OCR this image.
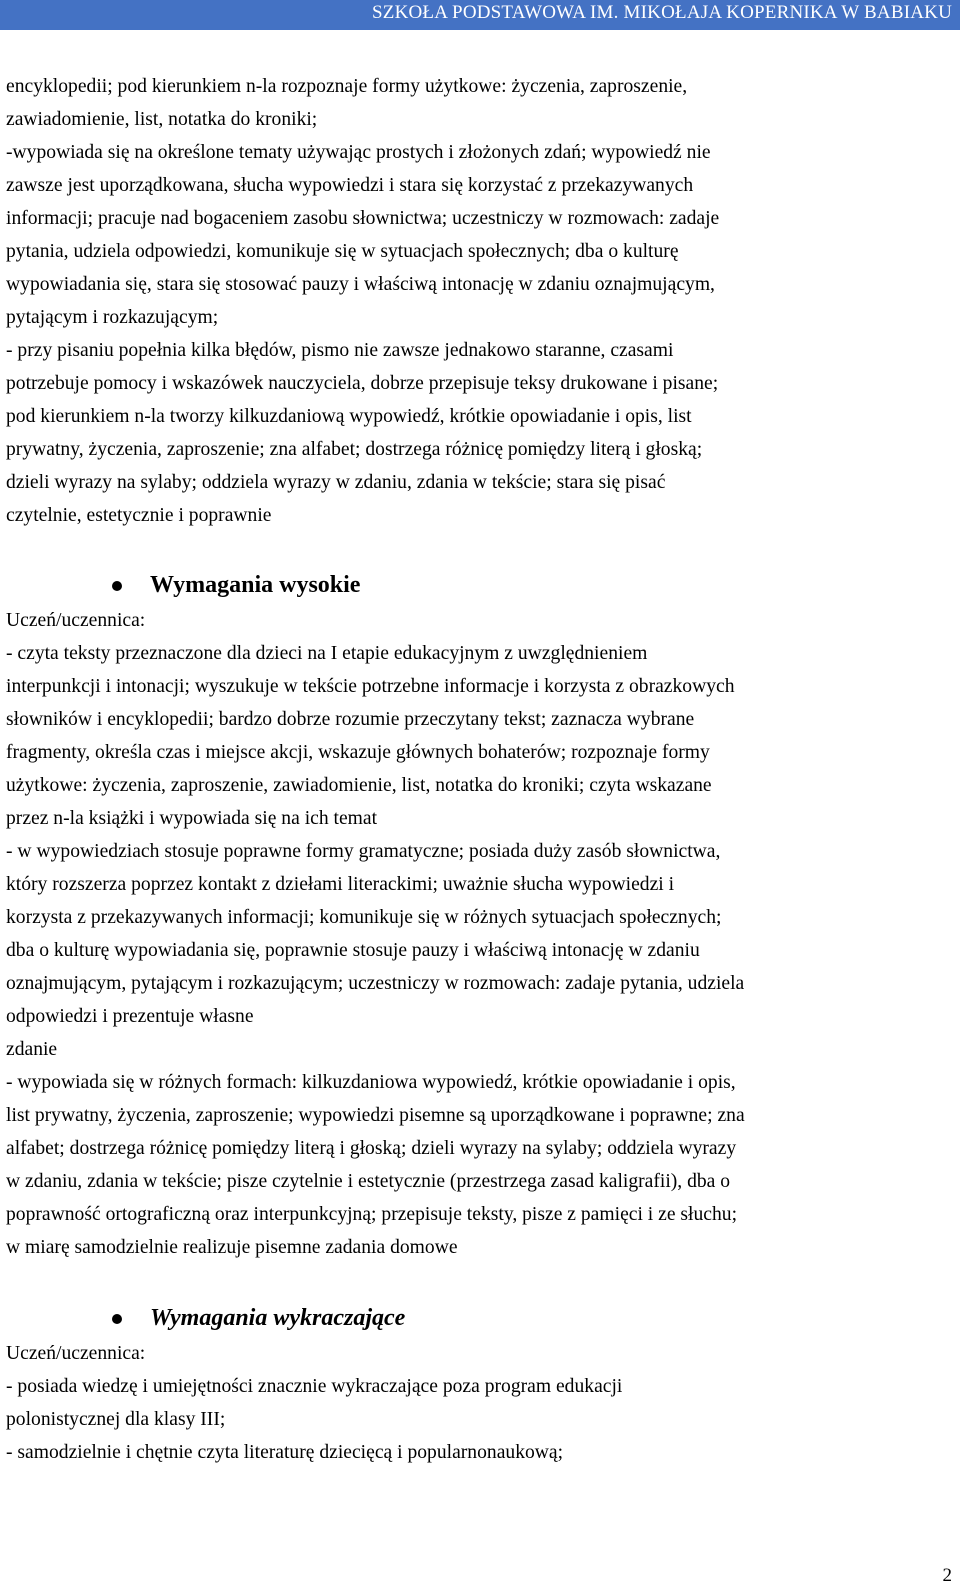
SZKOŁA PODSTAWOWA IM. MIKOŁAJA KOPERNIKA W BABIAKU
encyklopedii; pod kierunkiem n-la rozpoznaje formy użytkowe: życzenia, zaproszenie,
zawiadomienie, list, notatka do kroniki;
-wypowiada się na określone tematy używając prostych i złożonych zdań; wypowiedź nie
zawsze jest uporządkowana, słucha wypowiedzi i stara się korzystać z przekazywanych
informacji; pracuje nad bogaceniem zasobu słownictwa; uczestniczy w rozmowach: zadaje
pytania, udziela odpowiedzi, komunikuje się w sytuacjach społecznych; dba o kulturę
wypowiadania się, stara się stosować pauzy i właściwą intonację w zdaniu oznajmującym,
pytającym i rozkazującym;
- przy pisaniu popełnia kilka błędów, pismo nie zawsze jednakowo staranne, czasami
potrzebuje pomocy i wskazówek nauczyciela, dobrze przepisuje teksy drukowane i pisane;
pod kierunkiem n-la tworzy kilkuzdaniową wypowiedź, krótkie opowiadanie i opis, list
prywatny, życzenia, zaproszenie; zna alfabet; dostrzega różnicę pomiędzy literą i głoską;
dzieli wyrazy na sylaby; oddziela wyrazy w zdaniu, zdania w tekście; stara się pisać
czytelnie, estetycznie i poprawnie
Wymagania wysokie
Uczeń/uczennica:
- czyta teksty przeznaczone dla dzieci na I etapie edukacyjnym z uwzględnieniem
interpunkcji i intonacji; wyszukuje w tekście potrzebne informacje i korzysta z obrazkowych
słowników i encyklopedii; bardzo dobrze rozumie przeczytany tekst; zaznacza wybrane
fragmenty, określa czas i miejsce akcji, wskazuje głównych bohaterów; rozpoznaje formy
użytkowe: życzenia, zaproszenie, zawiadomienie, list, notatka do kroniki; czyta wskazane
przez n-la książki i wypowiada się na ich temat
- w wypowiedziach stosuje poprawne formy gramatyczne; posiada duży zasób słownictwa,
który rozszerza poprzez kontakt z dziełami literackimi; uważnie słucha wypowiedzi i
korzysta z przekazywanych informacji; komunikuje się w różnych sytuacjach społecznych;
dba o kulturę wypowiadania się, poprawnie stosuje pauzy i właściwą intonację w zdaniu
oznajmującym, pytającym i rozkazującym; uczestniczy w rozmowach: zadaje pytania, udziela
odpowiedzi i prezentuje własne
zdanie
- wypowiada się w różnych formach: kilkuzdaniowa wypowiedź, krótkie opowiadanie i opis,
list prywatny, życzenia, zaproszenie; wypowiedzi pisemne są uporządkowane i poprawne; zna
alfabet; dostrzega różnicę pomiędzy literą i głoską; dzieli wyrazy na sylaby; oddziela wyrazy
w zdaniu, zdania w tekście; pisze czytelnie i estetycznie (przestrzega zasad kaligrafii), dba o
poprawność ortograficzną oraz interpunkcyjną; przepisuje teksty, pisze z pamięci i ze słuchu;
w miarę samodzielnie realizuje pisemne zadania domowe
Wymagania wykraczające
Uczeń/uczennica:
- posiada wiedzę i umiejętności znacznie wykraczające poza program edukacji
polonistycznej dla klasy III;
- samodzielnie i chętnie czyta literaturę dziecięcą i popularnonaukową;
2
